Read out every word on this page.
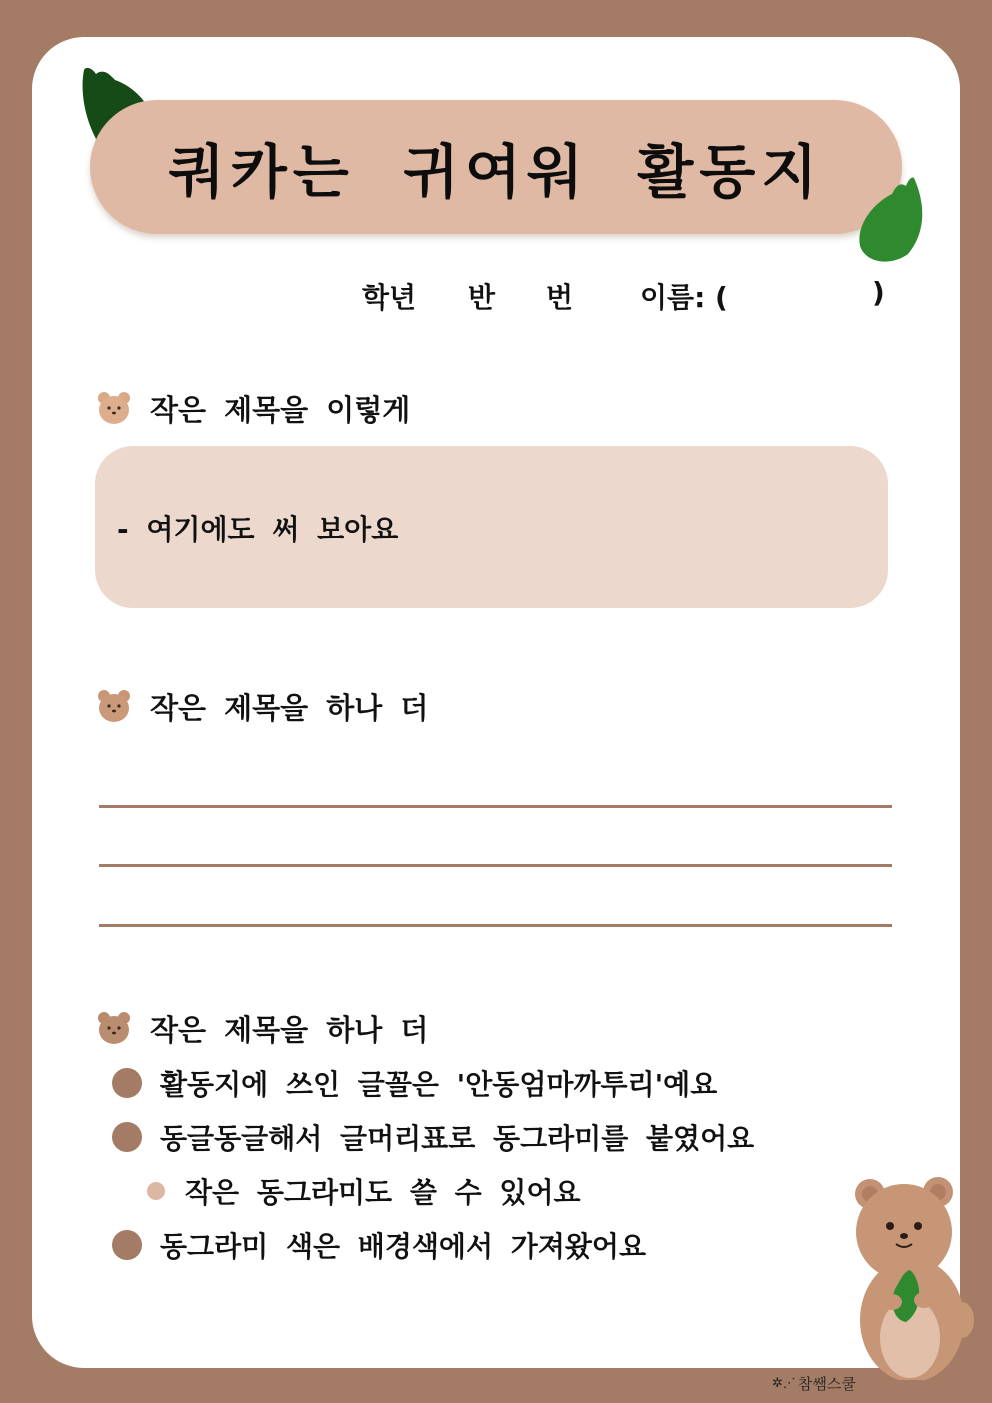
쿼카는 귀여워 활동지
학년 반 번 이름: (	)
작은 제목을 이렇게
- 여기에도 써 보아요
작은 제목을 하나 더
작은 제목을 하나 더
활동지에 쓰인 글꼴은 '안동엄마까투리'예요
동글동글해서 글머리표로 동그라미를 붙였어요
작은 동그라미도 쓸 수 있어요
동그라미 색은 배경색에서 가져왔어요
✲⋰ 참쌤스쿨
